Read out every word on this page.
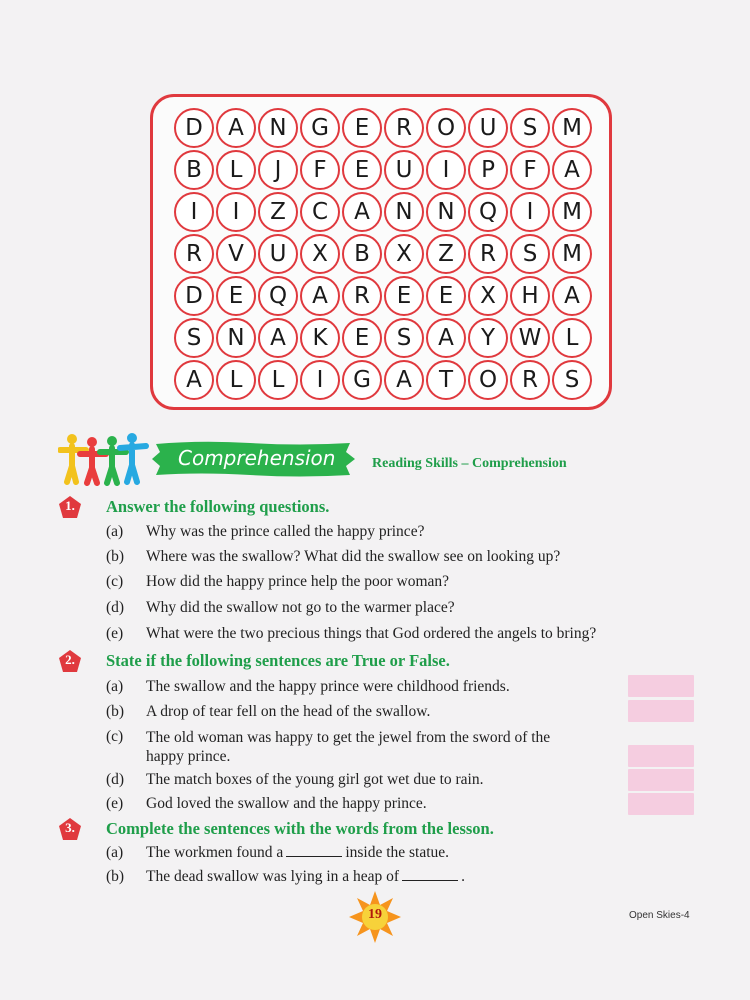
D	A	N	G	E	R	O	U	S	M
B	L	J	F	E	U	I	P	F	A
I	I	Z	C	A	N	N	Q	I	M
R	V	U	X	B	X	Z	R	S	M
D	E	Q	A	R	E	E	X	H	A
S	N	A	K	E	S	A	Y	W	L
A	L	L	I	G	A	T	O	R	S
Comprehension	Reading Skills – Comprehension
1.	Answer the following questions.
(a) Why was the prince called the happy prince?
(b) Where was the swallow? What did the swallow see on looking up?
(c) How did the happy prince help the poor woman?
(d) Why did the swallow not go to the warmer place?
(e) What were the two precious things that God ordered the angels to bring?
2.	State if the following sentences are True or False.
(a) The swallow and the happy prince were childhood friends.
(b) A drop of tear fell on the head of the swallow.
(c) The old woman was happy to get the jewel from the sword of the happy prince.
(d) The match boxes of the young girl got wet due to rain.
(e) God loved the swallow and the happy prince.
3.	Complete the sentences with the words from the lesson.
(a) The workmen found a	inside the statue.
(b) The dead swallow was lying in a heap of	.
19	Open Skies-4
